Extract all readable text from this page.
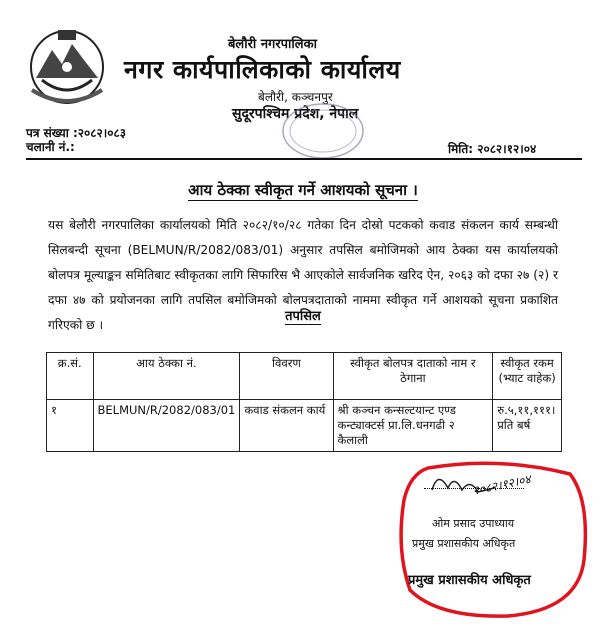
बेलौरी नगरपालिका
नगर कार्यपालिकाको कार्यालय
बेलौरी, कञ्चनपुर
सुदूरपश्चिम प्रदेश, नेपाल
पत्र संख्या :२०८२।०८३
चलानी नं.:	मिति: २०८२।१२।०४
आय ठेक्का स्वीकृत गर्ने आशयको सूचना ।
यस बेलौरी नगरपालिका कार्यालयको मिति २०८२/१०/२८ गतेका दिन दोस्रो पटकको कवाड संकलन कार्य सम्बन्धी सिलबन्दी सूचना (BELMUN/R/2082/083/01) अनुसार तपसिल बमोजिमको आय ठेक्का यस कार्यालयको बोलपत्र मूल्याङ्कन समितिबाट स्वीकृतका लागि सिफारिस भै आएकोले सार्वजनिक खरिद ऐन, २०६३ को दफा २७ (२) र दफा ४७ को प्रयोजनका लागि तपसिल बमोजिमको बोलपत्रदाताको नाममा स्वीकृत गर्ने आशयको सूचना प्रकाशित गरिएको छ ।
तपसिल
क्र.सं.	आय ठेक्का नं.	विवरण	स्वीकृत बोलपत्र दाताको नाम र ठेगाना	स्वीकृत रकम (भ्याट वाहेक)
१	BELMUN/R/2082/083/01	कवाड संकलन कार्य	श्री कञ्चन कन्सल्टयान्ट एण्ड कन्ट्याक्टर्स प्रा.लि.धनगढी २ कैलाली	रु.५,११,१११। प्रति बर्ष
२०८२।१२।०४
ओम प्रसाद उपाध्याय
प्रमुख प्रशासकीय अधिकृत
प्रमुख प्रशासकीय अधिकृत
